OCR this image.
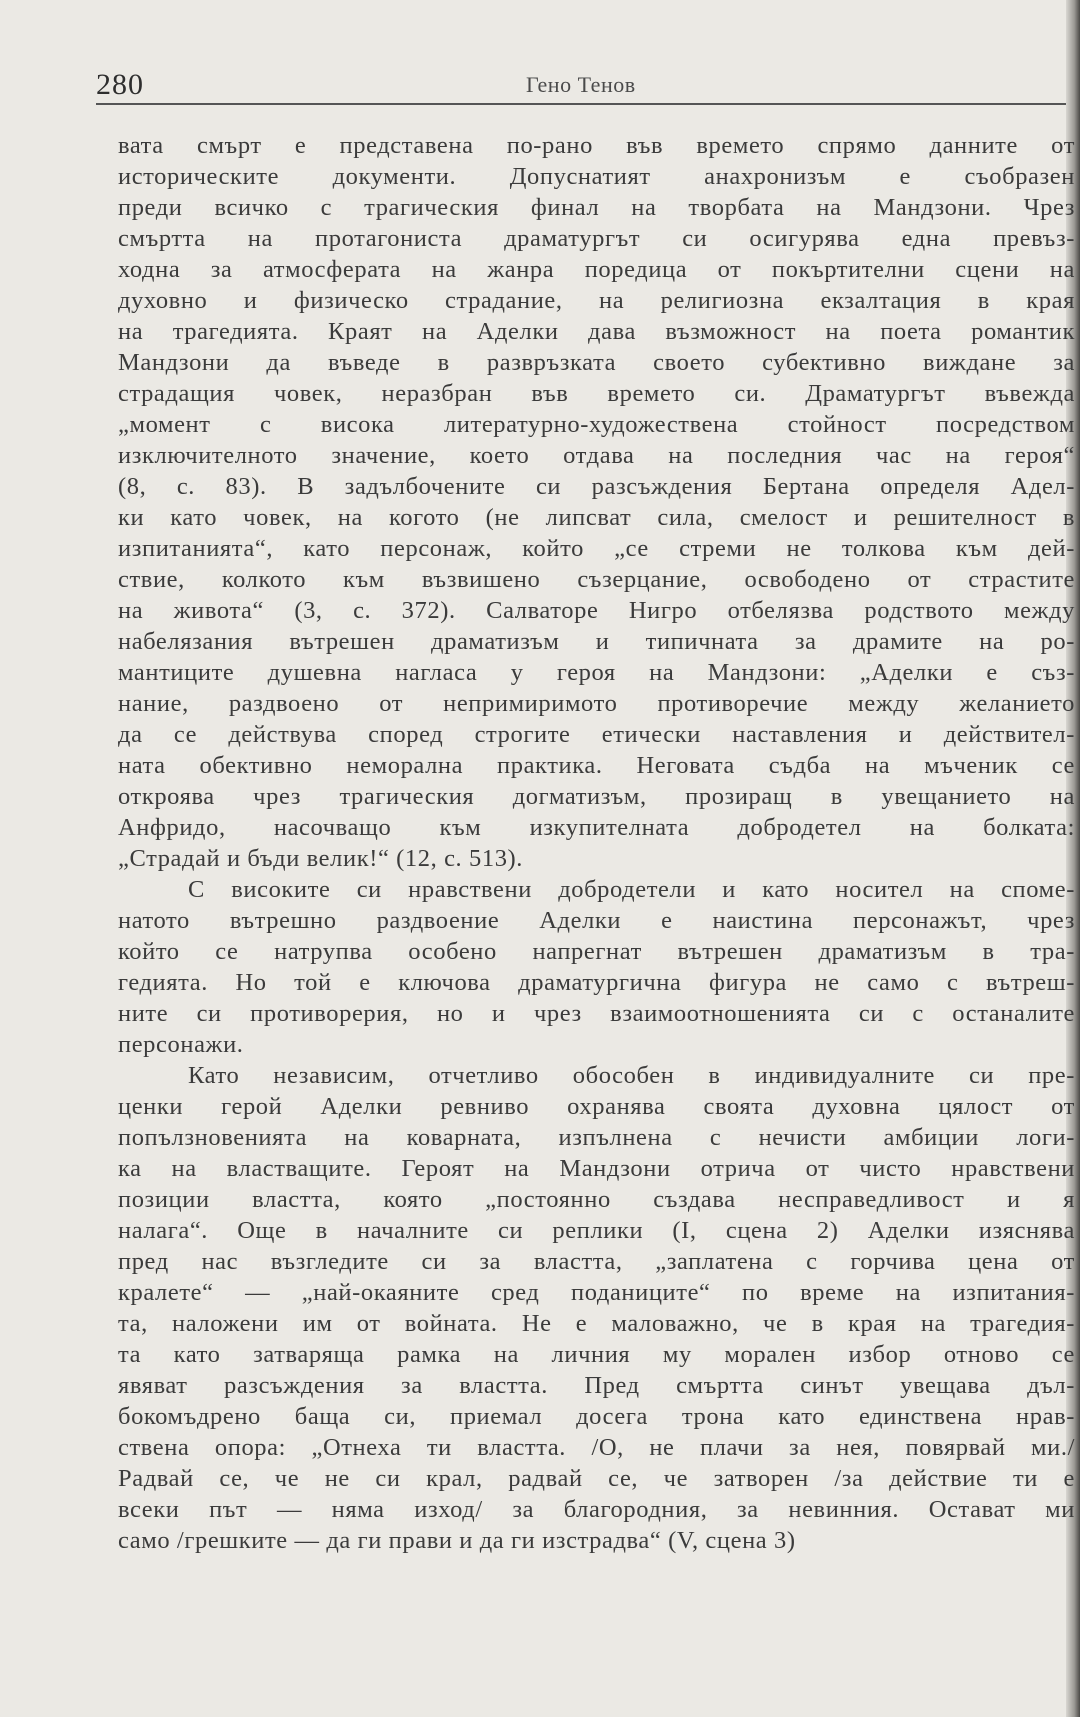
280	Гено Тенов
вата смърт е представена по-рано във времето спрямо данните от
историческите документи. Допуснатият анахронизъм е съобразен
преди всичко с трагическия финал на творбата на Мандзони. Чрез
смъртта на протагониста драматургът си осигурява една превъз-
ходна за атмосферата на жанра поредица от покъртителни сцени на
духовно и физическо страдание, на религиозна екзалтация в края
на трагедията. Краят на Аделки дава възможност на поета романтик
Мандзони да въведе в развръзката своето субективно виждане за
страдащия човек, неразбран във времето си. Драматургът въвежда
„момент с висока литературно-художествена стойност посредством
изключителното значение, което отдава на последния час на героя“
(8, с. 83). В задълбочените си разсъждения Бертана определя Адел-
ки като човек, на когото (не липсват сила, смелост и решителност в
изпитанията“, като персонаж, който „се стреми не толкова към дей-
ствие, колкото към възвишено съзерцание, освободено от страстите
на живота“ (3, с. 372). Салваторе Нигро отбелязва родството между
набелязания вътрешен драматизъм и типичната за драмите на ро-
мантиците душевна нагласа у героя на Мандзони: „Аделки е съз-
нание, раздвоено от непримиримото противоречие между желанието
да се действува според строгите етически наставления и действител-
ната обективно неморална практика. Неговата съдба на мъченик се
откроява чрез трагическия догматизъм, прозиращ в увещанието на
Анфридо, насочващо към изкупителната добродетел на болката:
„Страдай и бъди велик!“ (12, с. 513).
С високите си нравствени добродетели и като носител на споме-
натото вътрешно раздвоение Аделки е наистина персонажът, чрез
който се натрупва особено напрегнат вътрешен драматизъм в тра-
гедията. Но той е ключова драматургична фигура не само с вътреш-
ните си противорерия, но и чрез взаимоотношенията си с останалите
персонажи.
Като независим, отчетливо обособен в индивидуалните си пре-
ценки герой Аделки ревниво охранява своята духовна цялост от
попълзновенията на коварната, изпълнена с нечисти амбиции логи-
ка на властващите. Героят на Мандзони отрича от чисто нравствени
позиции властта, която „постоянно създава несправедливост и я
налага“. Още в началните си реплики (I, сцена 2) Аделки изяснява
пред нас възгледите си за властта, „заплатена с горчива цена от
кралете“ — „най-окаяните сред поданиците“ по време на изпитания-
та, наложени им от войната. Не е маловажно, че в края на трагедия-
та като затваряща рамка на личния му морален избор отново се
явяват разсъждения за властта. Пред смъртта синът увещава дъл-
бокомъдрено баща си, приемал досега трона като единствена нрав-
ствена опора: „Отнеха ти властта. /О, не плачи за нея, повярвай ми./
Радвай се, че не си крал, радвай се, че затворен /за действие ти е
всеки път — няма изход/ за благородния, за невинния. Остават ми
само /грешките — да ги прави и да ги изстрадва“ (V, сцена 3)
